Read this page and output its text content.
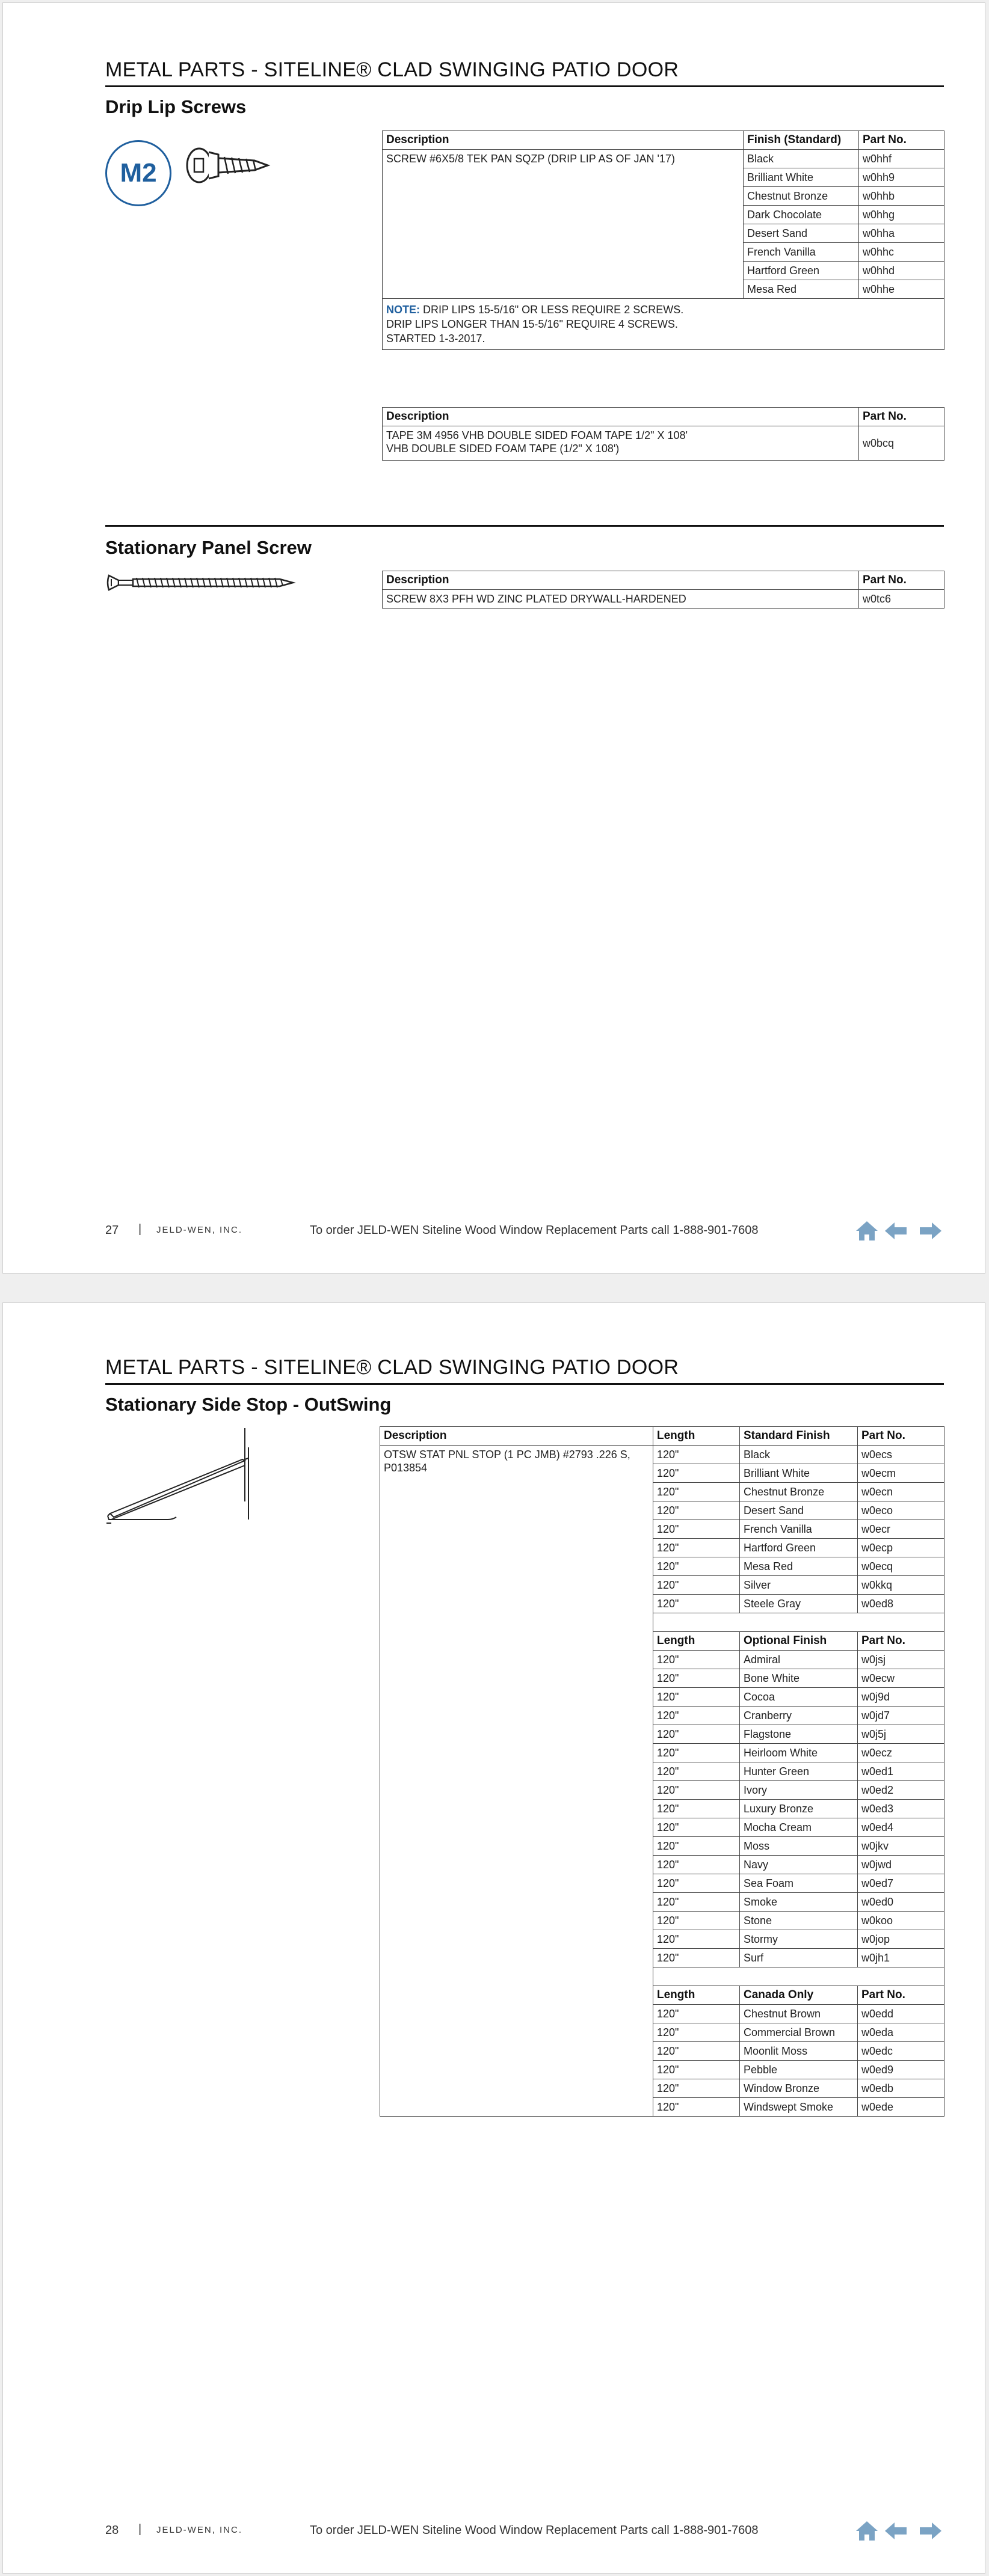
METAL PARTS - SITELINE® CLAD SWINGING PATIO DOOR
Drip Lip Screws
M2
Description	Finish (Standard)	Part No.
SCREW #6X5/8 TEK PAN SQZP (DRIP LIP AS OF JAN '17)	Black	w0hhf
	Brilliant White	w0hh9
	Chestnut Bronze	w0hhb
	Dark Chocolate	w0hhg
	Desert Sand	w0hha
	French Vanilla	w0hhc
	Hartford Green	w0hhd
	Mesa Red	w0hhe
NOTE: DRIP LIPS 15-5/16" OR LESS REQUIRE 2 SCREWS.
DRIP LIPS LONGER THAN 15-5/16" REQUIRE 4 SCREWS.
STARTED 1-3-2017.		
Description	Part No.
TAPE 3M 4956 VHB DOUBLE SIDED FOAM TAPE 1/2" X 108'
VHB DOUBLE SIDED FOAM TAPE (1/2" X 108')	w0bcq
Stationary Panel Screw
Description	Part No.
SCREW 8X3 PFH WD ZINC PLATED DRYWALL-HARDENED	w0tc6
27 | JELD-WEN, INC.	To order JELD-WEN Siteline Wood Window Replacement Parts call 1-888-901-7608
METAL PARTS - SITELINE® CLAD SWINGING PATIO DOOR
Stationary Side Stop - OutSwing
Description	Length	Standard Finish	Part No.
OTSW STAT PNL STOP (1 PC JMB) #2793 .226 S, P013854	120"	Black	w0ecs
	120"	Brilliant White	w0ecm
	120"	Chestnut Bronze	w0ecn
	120"	Desert Sand	w0eco
	120"	French Vanilla	w0ecr
	120"	Hartford Green	w0ecp
	120"	Mesa Red	w0ecq
	120"	Silver	w0kkq
	120"	Steele Gray	w0ed8

	Length	Optional Finish	Part No.
	120"	Admiral	w0jsj
	120"	Bone White	w0ecw
	120"	Cocoa	w0j9d
	120"	Cranberry	w0jd7
	120"	Flagstone	w0j5j
	120"	Heirloom White	w0ecz
	120"	Hunter Green	w0ed1
	120"	Ivory	w0ed2
	120"	Luxury Bronze	w0ed3
	120"	Mocha Cream	w0ed4
	120"	Moss	w0jkv
	120"	Navy	w0jwd
	120"	Sea Foam	w0ed7
	120"	Smoke	w0ed0
	120"	Stone	w0koo
	120"	Stormy	w0jop
	120"	Surf	w0jh1

	Length	Canada Only	Part No.
	120"	Chestnut Brown	w0edd
	120"	Commercial Brown	w0eda
	120"	Moonlit Moss	w0edc
	120"	Pebble	w0ed9
	120"	Window Bronze	w0edb
	120"	Windswept Smoke	w0ede
28 | JELD-WEN, INC.	To order JELD-WEN Siteline Wood Window Replacement Parts call 1-888-901-7608
